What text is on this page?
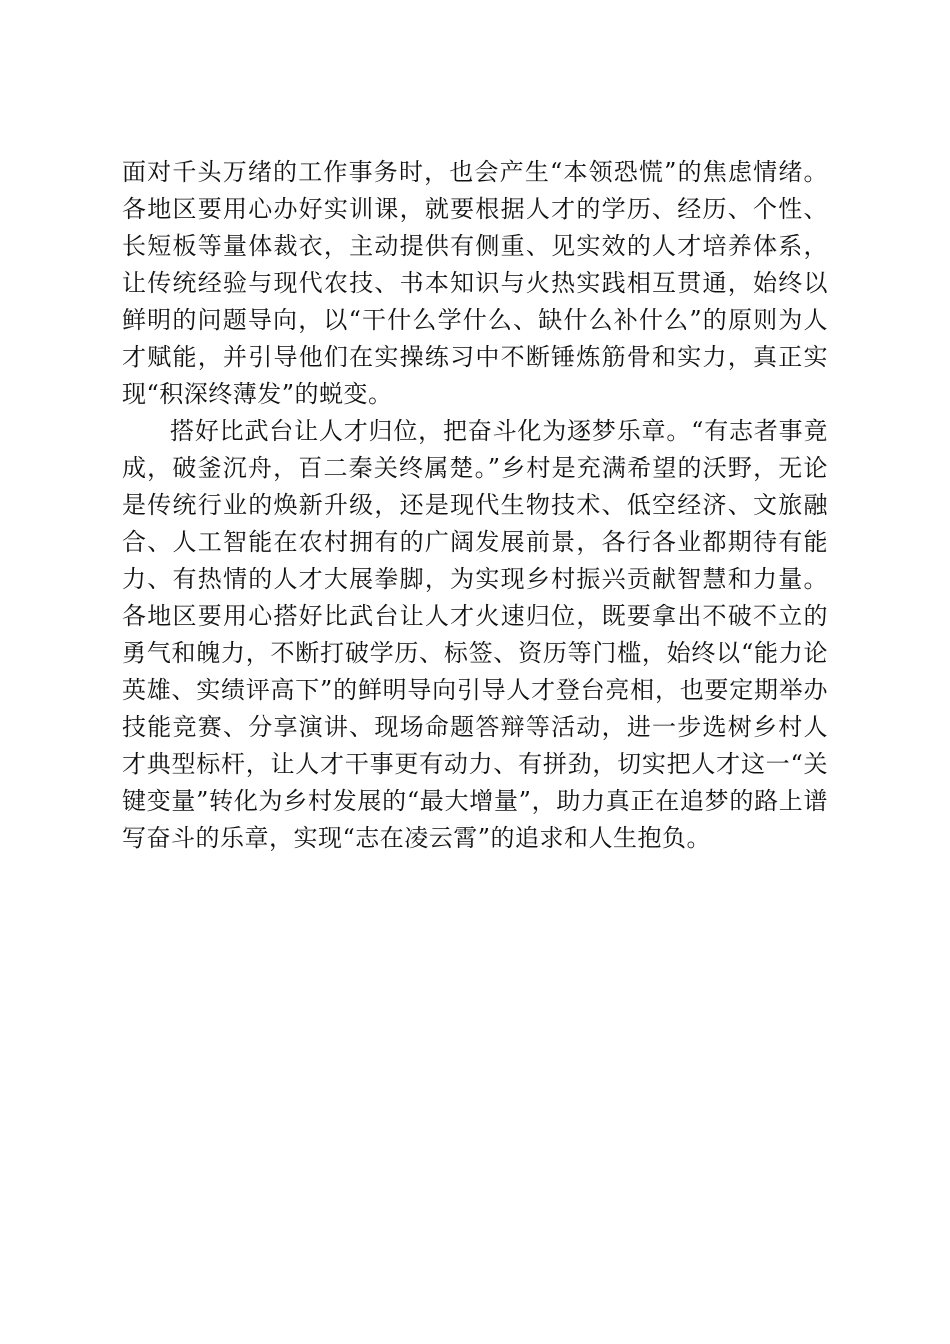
面对千头万绪的工作事务时，也会产生“本领恐慌”的焦虑情绪。各地区要用心办好实训课，就要根据人才的学历、经历、个性、长短板等量体裁衣，主动提供有侧重、见实效的人才培养体系，让传统经验与现代农技、书本知识与火热实践相互贯通，始终以鲜明的问题导向，以“干什么学什么、缺什么补什么”的原则为人才赋能，并引导他们在实操练习中不断锤炼筋骨和实力，真正实现“积深终薄发”的蜕变。

搭好比武台让人才归位，把奋斗化为逐梦乐章。“有志者事竟成，破釜沉舟，百二秦关终属楚。”乡村是充满希望的沃野，无论是传统行业的焕新升级，还是现代生物技术、低空经济、文旅融合、人工智能在农村拥有的广阔发展前景，各行各业都期待有能力、有热情的人才大展拳脚，为实现乡村振兴贡献智慧和力量。各地区要用心搭好比武台让人才火速归位，既要拿出不破不立的勇气和魄力，不断打破学历、标签、资历等门槛，始终以“能力论英雄、实绩评高下”的鲜明导向引导人才登台亮相，也要定期举办技能竞赛、分享演讲、现场命题答辩等活动，进一步选树乡村人才典型标杆，让人才干事更有动力、有拼劲，切实把人才这一“关键变量”转化为乡村发展的“最大增量”，助力真正在追梦的路上谱写奋斗的乐章，实现“志在凌云霄”的追求和人生抱负。
